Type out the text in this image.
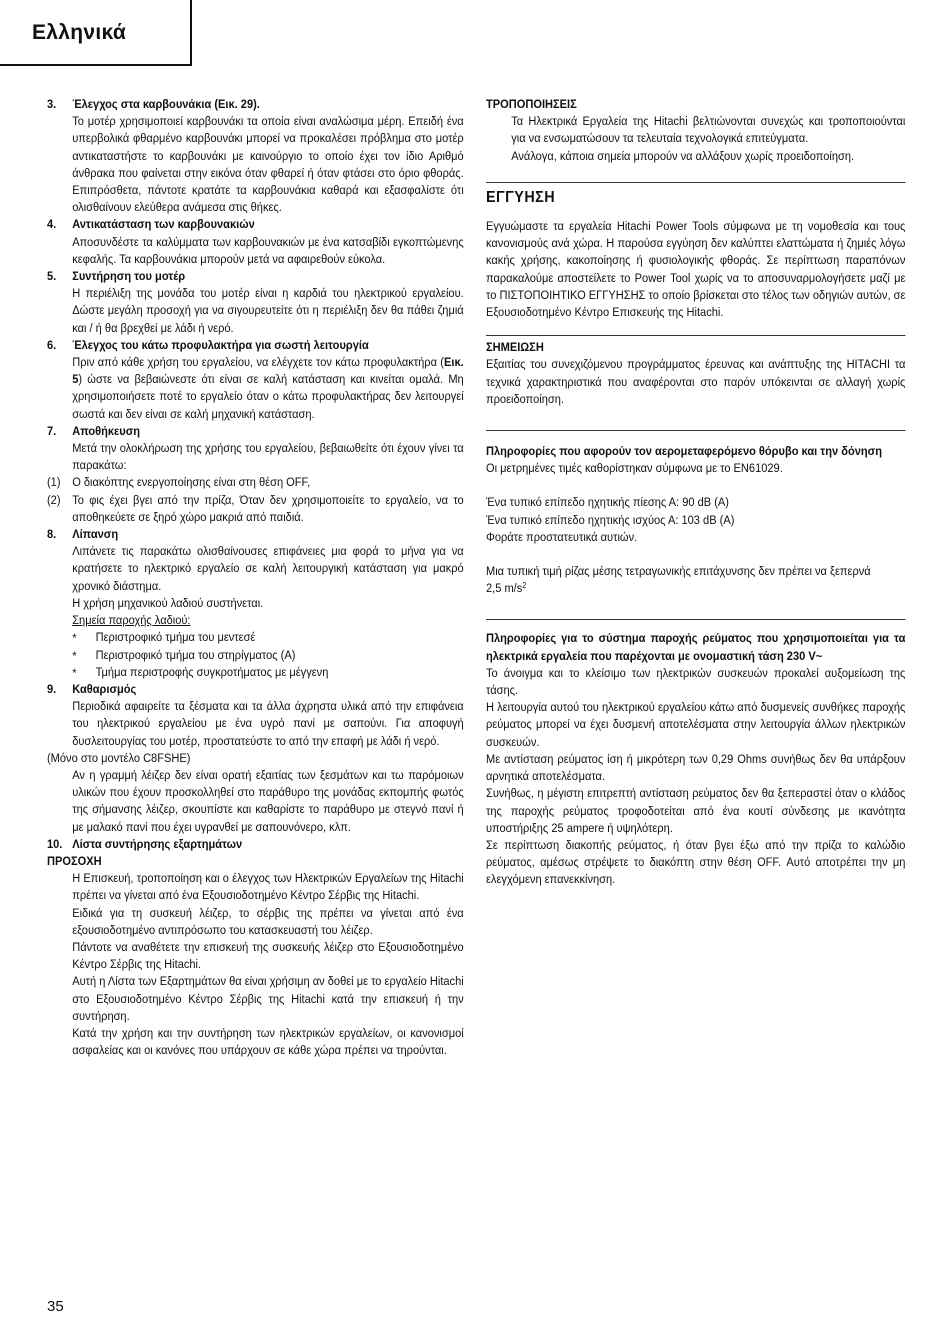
Ελληνικά
3. Έλεγχος στα καρβουνάκια (Εικ. 29).

Το μοτέρ χρησιμοποιεί καρβουνάκι τα οποία είναι αναλώσιμα μέρη. Επειδή ένα υπερβολικά φθαρμένο καρβουνάκι μπορεί να προκαλέσει πρόβλημα στο μοτέρ αντικαταστήστε το καρβουνάκι με καινούργιο το οποίο έχει τον ίδιο Αριθμό άνθρακα που φαίνεται στην εικόνα όταν φθαρεί ή όταν φτάσει στο όριο φθοράς. Επιπρόσθετα, πάντοτε κρατάτε τα καρβουνάκια καθαρά και εξασφαλίστε ότι ολισθαίνουν ελεύθερα ανάμεσα στις θήκες.

4. Αντικατάσταση των καρβουνακιών

Αποσυνδέστε τα καλύμματα των καρβουνακιών με ένα κατσαβίδι εγκοπτώμενης κεφαλής. Τα καρβουνάκια μπορούν μετά να αφαιρεθούν εύκολα.

5. Συντήρηση του μοτέρ

Η περιέλιξη της μονάδα του μοτέρ είναι η καρδιά του ηλεκτρικού εργαλείου. Δώστε μεγάλη προσοχή για να σιγουρευτείτε ότι η περιέλιξη δεν θα πάθει ζημιά και / ή θα βρεχθεί με λάδι ή νερό.

6. Έλεγχος του κάτω προφυλακτήρα για σωστή λειτουργία

Πριν από κάθε χρήση του εργαλείου, να ελέγχετε τον κάτω προφυλακτήρα (Εικ. 5) ώστε να βεβαιώνεστε ότι είναι σε καλή κατάσταση και κινείται ομαλά. Μη χρησιμοποιήσετε ποτέ το εργαλείο όταν ο κάτω προφυλακτήρας δεν λειτουργεί σωστά και δεν είναι σε καλή μηχανική κατάσταση.

7. Αποθήκευση

Μετά την ολοκλήρωση της χρήσης του εργαλείου, βεβαιωθείτε ότι έχουν γίνει τα παρακάτω:

(1) Ο διακόπτης ενεργοποίησης είναι στη θέση OFF,

(2) Το φις έχει βγει από την πρίζα, Όταν δεν χρησιμοποιείτε το εργαλείο, να το αποθηκεύετε σε ξηρό χώρο μακριά από παιδιά.

8. Λίπανση

Λιπάνετε τις παρακάτω ολισθαίνουσες επιφάνειες μια φορά το μήνα για να κρατήσετε το ηλεκτρικό εργαλείο σε καλή λειτουργική κατάσταση για μακρό χρονικό διάστημα.

Η χρήση μηχανικού λαδιού συστήνεται.

Σημεία παροχής λαδιού:

* Περιστροφικό τμήμα του μεντεσέ

* Περιστροφικό τμήμα του στηρίγματος (A)

* Τμήμα περιστροφής συγκροτήματος με μέγγενη

9. Καθαρισμός

Περιοδικά αφαιρείτε τα ξέσματα και τα άλλα άχρηστα υλικά από την επιφάνεια του ηλεκτρικού εργαλείου με ένα υγρό πανί με σαπούνι. Για αποφυγή δυσλειτουργίας του μοτέρ, προστατεύστε το από την επαφή με λάδι ή νερό.

(Μόνο στο μοντέλο C8FSHE)

Αν η γραμμή λέιζερ δεν είναι ορατή εξαιτίας των ξεσμάτων και τω παρόμοιων υλικών που έχουν προσκολληθεί στο παράθυρο της μονάδας εκπομπής φωτός της σήμανσης λέιζερ, σκουπίστε και καθαρίστε το παράθυρο με στεγνό πανί ή με μαλακό πανί που έχει υγρανθεί με σαπουνόνερο, κλπ.

10. Λίστα συντήρησης εξαρτημάτων

ΠΡΟΣΟΧΗ

Η Επισκευή, τροποποίηση και ο έλεγχος των Ηλεκτρικών Εργαλείων της Hitachi πρέπει να γίνεται από ένα Εξουσιοδοτημένο Κέντρο Σέρβις της Hitachi.

Ειδικά για τη συσκευή λέιζερ, το σέρβις της πρέπει να γίνεται από ένα εξουσιοδοτημένο αντιπρόσωπο του κατασκευαστή του λέιζερ.

Πάντοτε να αναθέτετε την επισκευή της συσκευής λέιζερ στο Εξουσιοδοτημένο Κέντρο Σέρβις της Hitachi.

Αυτή η Λίστα των Εξαρτημάτων θα είναι χρήσιμη αν δοθεί με το εργαλείο Hitachi στο Εξουσιοδοτημένο Κέντρο Σέρβις της Hitachi κατά την επισκευή ή την συντήρηση.

Κατά την χρήση και την συντήρηση των ηλεκτρικών εργαλείων, οι κανονισμοί ασφαλείας και οι κανόνες που υπάρχουν σε κάθε χώρα πρέπει να τηρούνται.

ΤΡΟΠΟΠΟΙΗΣΕΙΣ

Τα Ηλεκτρικά Εργαλεία της Hitachi βελτιώνονται συνεχώς και τροποποιούνται για να ενσωματώσουν τα τελευταία τεχνολογικά επιτεύγματα.

Ανάλογα, κάποια σημεία μπορούν να αλλάξουν χωρίς προειδοποίηση.

ΕΓΓΥΗΣΗ

Εγγυώμαστε τα εργαλεία Hitachi Power Tools σύμφωνα με τη νομοθεσία και τους κανονισμούς ανά χώρα. Η παρούσα εγγύηση δεν καλύπτει ελαττώματα ή ζημιές λόγω κακής χρήσης, κακοποίησης ή φυσιολογικής φθοράς. Σε περίπτωση παραπόνων παρακαλούμε αποστείλετε το Power Tool χωρίς να το αποσυναρμολογήσετε μαζί με το ΠΙΣΤΟΠΟΙΗΤΙΚΟ ΕΓΓΥΗΣΗΣ το οποίο βρίσκεται στο τέλος των οδηγιών αυτών, σε Εξουσιοδοτημένο Κέντρο Επισκευής της Hitachi.

ΣΗΜΕΙΩΣΗ

Εξαιτίας του συνεχιζόμενου προγράμματος έρευνας και ανάπτυξης της HITACHI τα τεχνικά χαρακτηριστικά που αναφέρονται στο παρόν υπόκεινται σε αλλαγή χωρίς προειδοποίηση.

Πληροφορίες που αφορούν τον αερομεταφερόμενο θόρυβο και την δόνηση

Οι μετρημένες τιμές καθορίστηκαν σύμφωνα με το EN61029.

Ένα τυπικό επίπεδο ηχητικής πίεσης Α: 90 dB (A)

Ένα τυπικό επίπεδο ηχητικής ισχύος Α: 103 dB (A)

Φοράτε προστατευτικά αυτιών.

Μια τυπική τιμή ρίζας μέσης τετραγωνικής επιτάχυνσης δεν πρέπει να ξεπερνά

2,5 $m/s^2$

Πληροφορίες για το σύστημα παροχής ρεύματος που χρησιμοποιείται για τα ηλεκτρικά εργαλεία που παρέχονται με ονομαστική τάση 230 V~

Το άνοιγμα και το κλείσιμο των ηλεκτρικών συσκευών προκαλεί αυξομείωση της τάσης.

Η λειτουργία αυτού του ηλεκτρικού εργαλείου κάτω από δυσμενείς συνθήκες παροχής ρεύματος μπορεί να έχει δυσμενή αποτελέσματα στην λειτουργία άλλων ηλεκτρικών συσκευών.

Με αντίσταση ρεύματος ίση ή μικρότερη των 0,29 Ohms συνήθως δεν θα υπάρξουν αρνητικά αποτελέσματα.

Συνήθως, η μέγιστη επιτρεπτή αντίσταση ρεύματος δεν θα ξεπεραστεί όταν ο κλάδος της παροχής ρεύματος τροφοδοτείται από ένα κουτί σύνδεσης με ικανότητα υποστήριξης 25 ampere ή υψηλότερη.

Σε περίπτωση διακοπής ρεύματος, ή όταν βγει έξω από την πρίζα το καλώδιο ρεύματος, αμέσως στρέψετε το διακόπτη στην θέση OFF. Αυτό αποτρέπει την μη ελεγχόμενη επανεκκίνηση.

35
